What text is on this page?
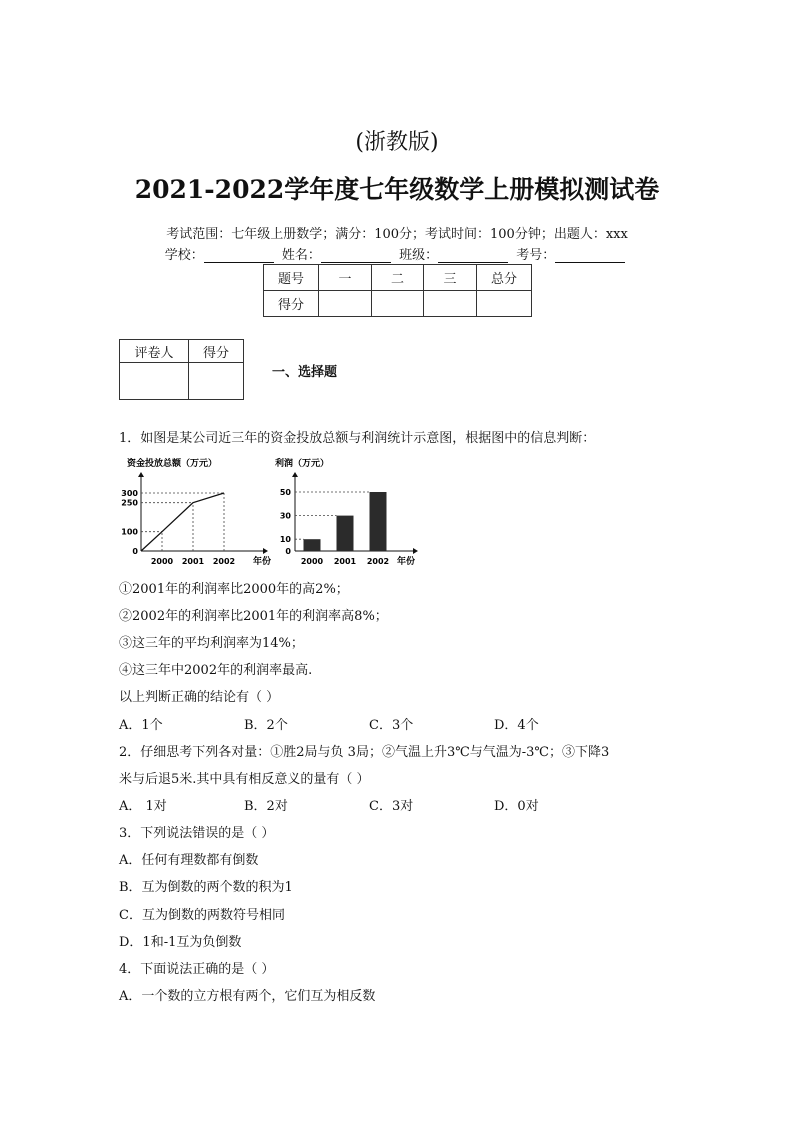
(浙教版)
2021-2022学年度七年级数学上册模拟测试卷
考试范围：七年级上册数学；满分：100分；考试时间：100分钟；出题人：xxx
学校：	姓名：	班级：	考号：
题号	一	二	三	总分
得分				
评卷人	得分

一、选择题
1．如图是某公司近三年的资金投放总额与利润统计示意图，根据图中的信息判断：
资金投放总额（万元）
年份
0
100
250
300
2000 2001 2002
利润（万元）
年份
0
10
30
50
2000 2001 2002
①2001年的利润率比2000年的高2%；
②2002年的利润率比2001年的利润率高8%；
③这三年的平均利润率为14%；
④这三年中2002年的利润率最高.
以上判断正确的结论有（ ）
A．1个	B．2个	C．3个	D．4个
2．仔细思考下列各对量：①胜2局与负 3局；②气温上升3℃与气温为-3℃；③下降3
米与后退5米.其中具有相反意义的量有（ ）
A． 1对	B．2对	C．3对	D．0对
3．下列说法错误的是（ ）
A．任何有理数都有倒数
B．互为倒数的两个数的积为1
C．互为倒数的两数符号相同
D．1和-1互为负倒数
4．下面说法正确的是（ ）
A．一个数的立方根有两个，它们互为相反数
